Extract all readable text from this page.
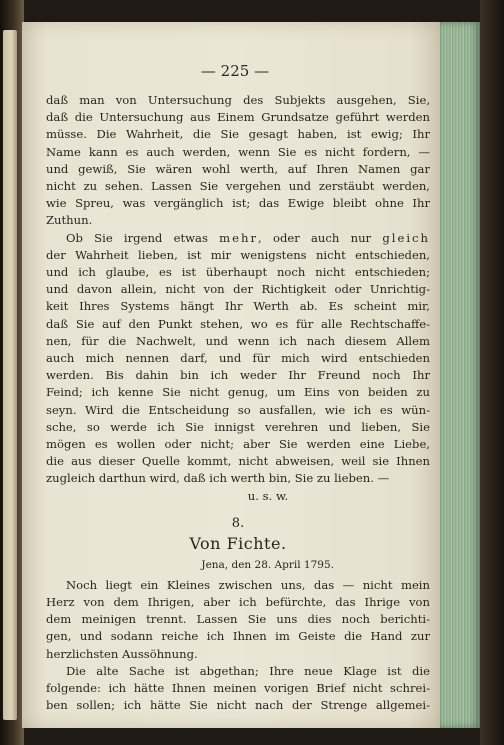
— 225 —
daß man von Untersuchung des Subjekts ausgehen, Sie,
daß die Untersuchung aus Einem Grundsatze geführt werden
müsse. Die Wahrheit, die Sie gesagt haben, ist ewig; Ihr
Name kann es auch werden, wenn Sie es nicht fordern, —
und gewiß, Sie wären wohl werth, auf Ihren Namen gar
nicht zu sehen. Lassen Sie vergehen und zerstäubt werden,
wie Spreu, was vergänglich ist; das Ewige bleibt ohne Ihr
Zuthun.
Ob Sie irgend etwas mehr, oder auch nur gleich
der Wahrheit lieben, ist mir wenigstens nicht entschieden,
und ich glaube, es ist überhaupt noch nicht entschieden;
und davon allein, nicht von der Richtigkeit oder Unrichtig-
keit Ihres Systems hängt Ihr Werth ab. Es scheint mir,
daß Sie auf den Punkt stehen, wo es für alle Rechtschaffe-
nen, für die Nachwelt, und wenn ich nach diesem Allem
auch mich nennen darf, und für mich wird entschieden
werden. Bis dahin bin ich weder Ihr Freund noch Ihr
Feind; ich kenne Sie nicht genug, um Eins von beiden zu
seyn. Wird die Entscheidung so ausfallen, wie ich es wün-
sche, so werde ich Sie innigst verehren und lieben, Sie
mögen es wollen oder nicht; aber Sie werden eine Liebe,
die aus dieser Quelle kommt, nicht abweisen, weil sie Ihnen
zugleich darthun wird, daß ich werth bin, Sie zu lieben. —
u. s. w.
8.
Von Fichte.
Jena, den 28. April 1795.
Noch liegt ein Kleines zwischen uns, das — nicht mein
Herz von dem Ihrigen, aber ich befürchte, das Ihrige von
dem meinigen trennt. Lassen Sie uns dies noch berichti-
gen, und sodann reiche ich Ihnen im Geiste die Hand zur
herzlichsten Aussöhnung.
Die alte Sache ist abgethan; Ihre neue Klage ist die
folgende: ich hätte Ihnen meinen vorigen Brief nicht schrei-
ben sollen; ich hätte Sie nicht nach der Strenge allgemei-
